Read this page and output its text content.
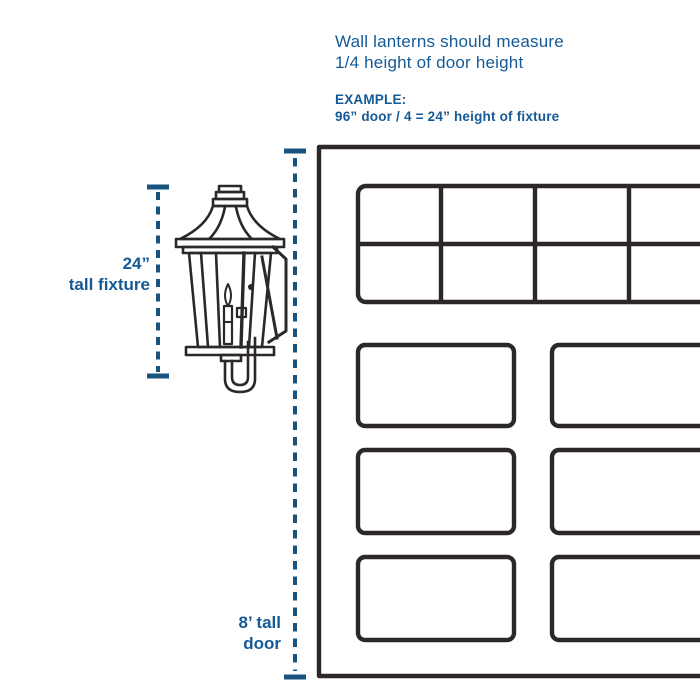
Wall lanterns should measure
1/4 height of door height
EXAMPLE:
96” door / 4 = 24” height of fixture
24”
tall fixture
8’ tall
door
